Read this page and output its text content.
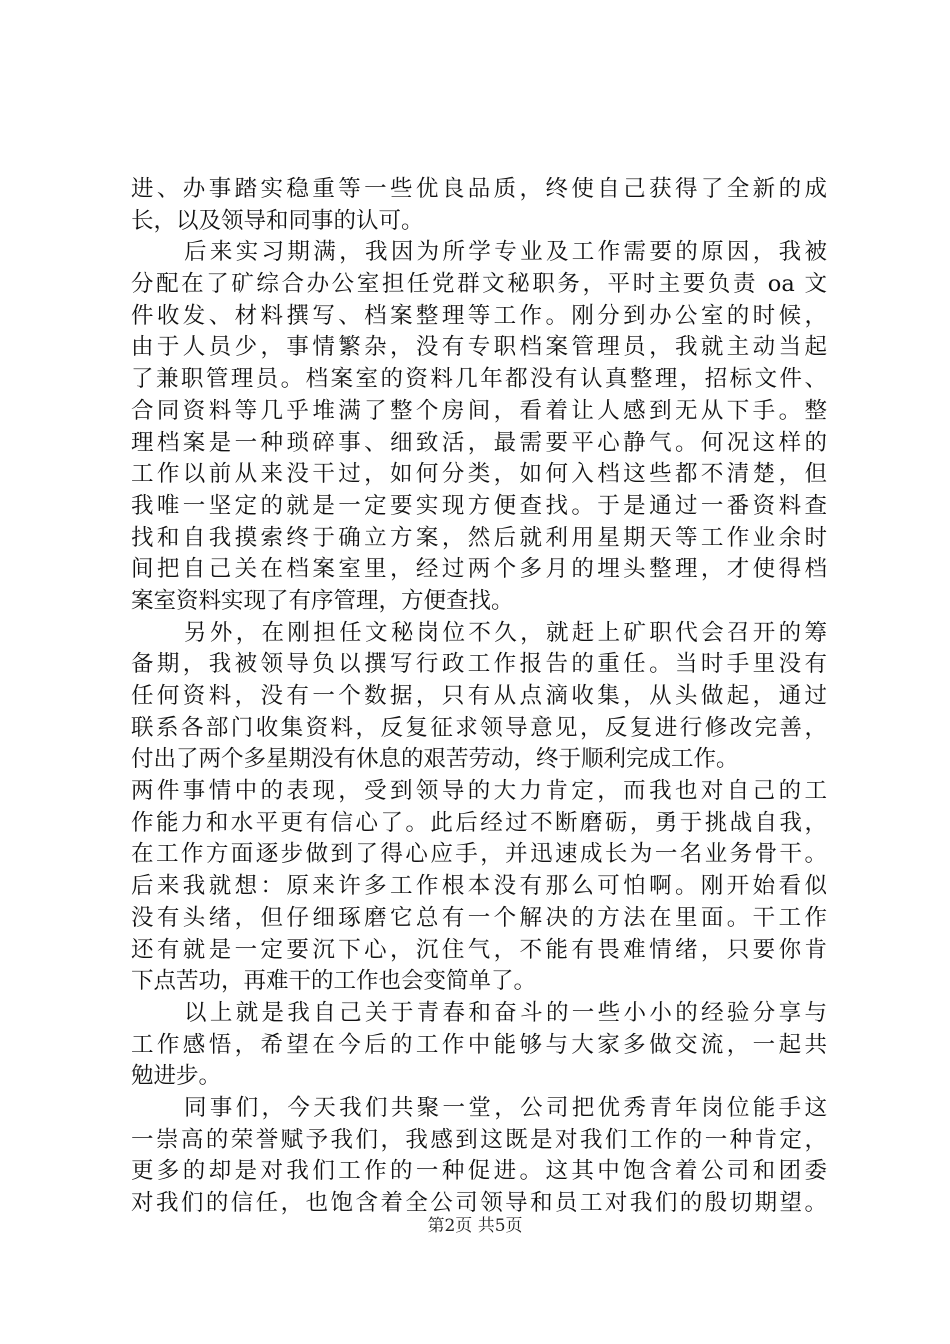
进、办事踏实稳重等一些优良品质，终使自己获得了全新的成
长，以及领导和同事的认可。
后来实习期满，我因为所学专业及工作需要的原因，我被
分配在了矿综合办公室担任党群文秘职务，平时主要负责 oa 文
件收发、材料撰写、档案整理等工作。刚分到办公室的时候，
由于人员少，事情繁杂，没有专职档案管理员，我就主动当起
了兼职管理员。档案室的资料几年都没有认真整理，招标文件、
合同资料等几乎堆满了整个房间，看着让人感到无从下手。整
理档案是一种琐碎事、细致活，最需要平心静气。何况这样的
工作以前从来没干过，如何分类，如何入档这些都不清楚，但
我唯一坚定的就是一定要实现方便查找。于是通过一番资料查
找和自我摸索终于确立方案，然后就利用星期天等工作业余时
间把自己关在档案室里，经过两个多月的埋头整理，才使得档
案室资料实现了有序管理，方便查找。
另外，在刚担任文秘岗位不久，就赶上矿职代会召开的筹
备期，我被领导负以撰写行政工作报告的重任。当时手里没有
任何资料，没有一个数据，只有从点滴收集，从头做起，通过
联系各部门收集资料，反复征求领导意见，反复进行修改完善，
付出了两个多星期没有休息的艰苦劳动，终于顺利完成工作。
两件事情中的表现，受到领导的大力肯定，而我也对自己的工
作能力和水平更有信心了。此后经过不断磨砺，勇于挑战自我，
在工作方面逐步做到了得心应手，并迅速成长为一名业务骨干。
后来我就想：原来许多工作根本没有那么可怕啊。刚开始看似
没有头绪，但仔细琢磨它总有一个解决的方法在里面。干工作
还有就是一定要沉下心，沉住气，不能有畏难情绪，只要你肯
下点苦功，再难干的工作也会变简单了。
以上就是我自己关于青春和奋斗的一些小小的经验分享与
工作感悟，希望在今后的工作中能够与大家多做交流，一起共
勉进步。
同事们，今天我们共聚一堂，公司把优秀青年岗位能手这
一崇高的荣誉赋予我们，我感到这既是对我们工作的一种肯定，
更多的却是对我们工作的一种促进。这其中饱含着公司和团委
对我们的信任，也饱含着全公司领导和员工对我们的殷切期望。
第2页 共5页
